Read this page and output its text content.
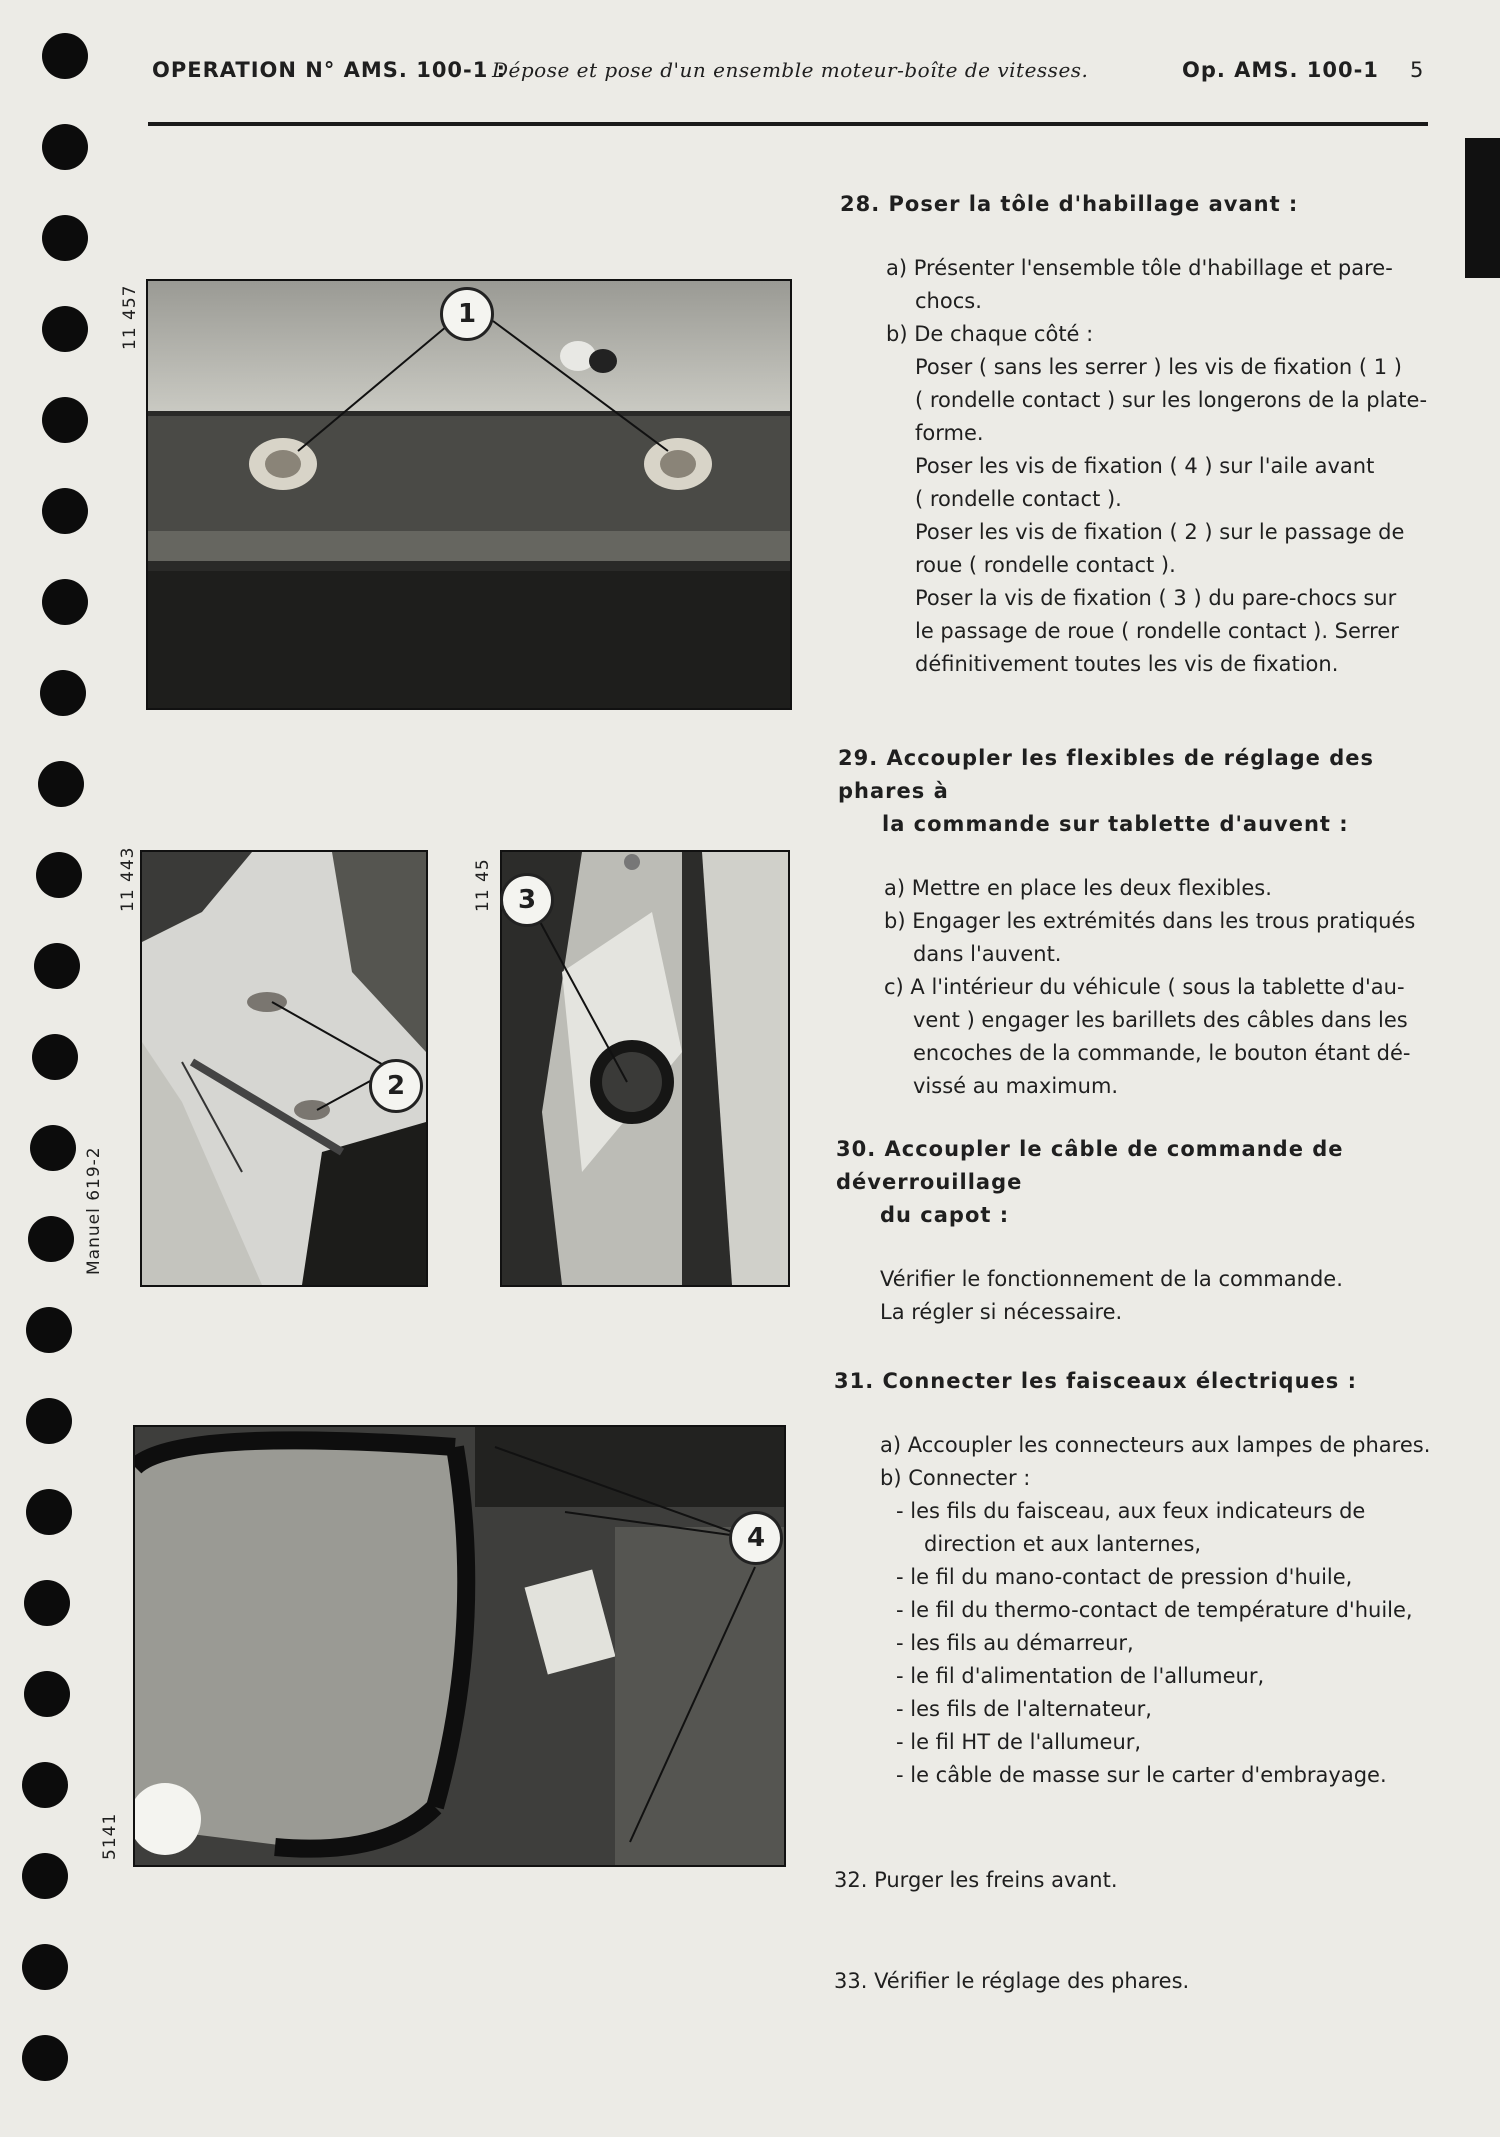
OPERATION N° AMS. 100-1 :
Dépose et pose d'un ensemble moteur-boîte de vitesses.	Op. AMS. 100-1 5
11 457
11 443	11 45
Manuel 619-2
5141
1
2
3
4

28. Poser la tôle d'habillage avant :

a) Présenter l'ensemble tôle d'habillage et pare-

chocs.

b) De chaque côté :

Poser ( sans les serrer ) les vis de fixation ( 1 )

( rondelle contact ) sur les longerons de la plate-

forme.

Poser les vis de fixation ( 4 ) sur l'aile avant

( rondelle contact ).

Poser les vis de fixation ( 2 ) sur le passage de

roue ( rondelle contact ).

Poser la vis de fixation ( 3 ) du pare-chocs sur

le passage de roue ( rondelle contact ). Serrer

définitivement toutes les vis de fixation.

29. Accoupler les flexibles de réglage des phares à

la commande sur tablette d'auvent :

a) Mettre en place les deux flexibles.

b) Engager les extrémités dans les trous pratiqués

dans l'auvent.

c) A l'intérieur du véhicule ( sous la tablette d'au-

vent ) engager les barillets des câbles dans les

encoches de la commande, le bouton étant dé-

vissé au maximum.

30. Accoupler le câble de commande de déverrouillage

du capot :

Vérifier le fonctionnement de la commande.

La régler si nécessaire.

31. Connecter les faisceaux électriques :

a) Accoupler les connecteurs aux lampes de phares.

b) Connecter :

- les fils du faisceau, aux feux indicateurs de

direction et aux lanternes,

- le fil du mano-contact de pression d'huile,

- le fil du thermo-contact de température d'huile,

- les fils au démarreur,

- le fil d'alimentation de l'allumeur,

- les fils de l'alternateur,

- le fil HT de l'allumeur,

- le câble de masse sur le carter d'embrayage.

32. Purger les freins avant.

33. Vérifier le réglage des phares.
